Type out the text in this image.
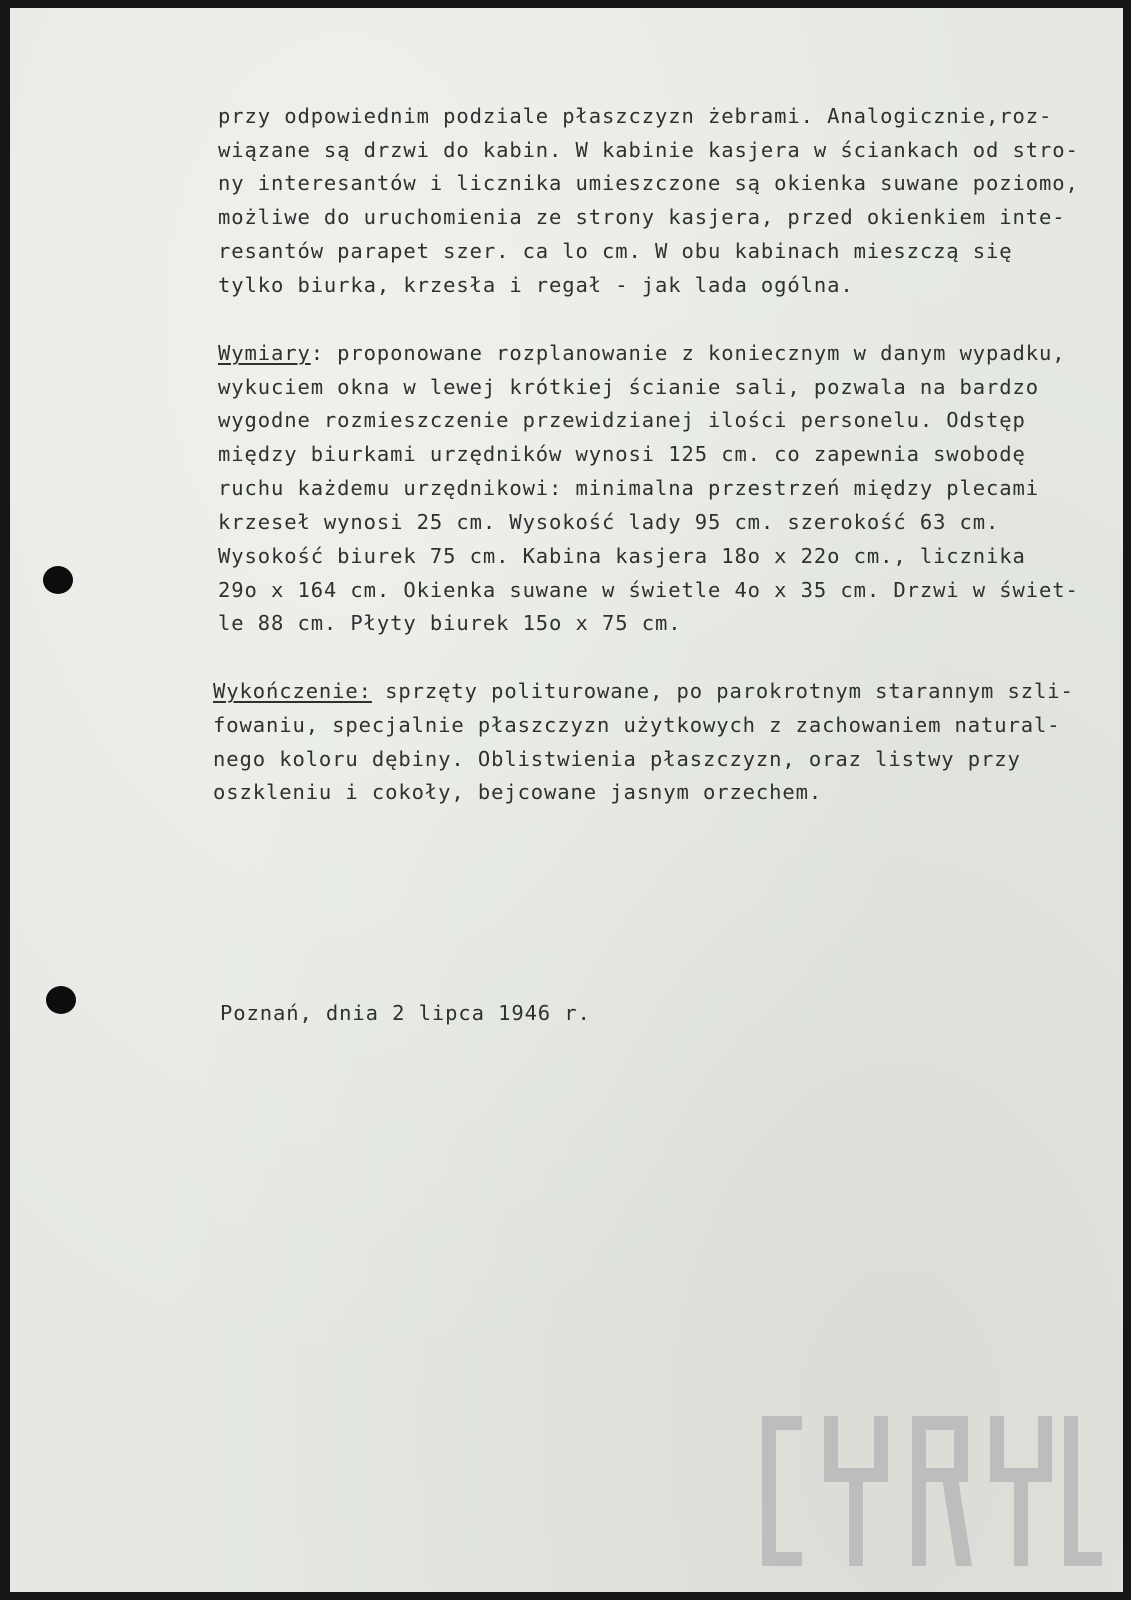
przy odpowiednim podziale płaszczyzn żebrami. Analogicznie,roz-

wiązane są drzwi do kabin. W kabinie kasjera w ściankach od stro-

ny interesantów i licznika umieszczone są okienka suwane poziomo,

możliwe do uruchomienia ze strony kasjera, przed okienkiem inte-

resantów parapet szer. ca lo cm. W obu kabinach mieszczą się

tylko biurka, krzesła i regał - jak lada ogólna.

Wymiary: proponowane rozplanowanie z koniecznym w danym wypadku,

wykuciem okna w lewej krótkiej ścianie sali, pozwala na bardzo

wygodne rozmieszczenie przewidzianej ilości personelu. Odstęp

między biurkami urzędników wynosi 125 cm. co zapewnia swobodę

ruchu każdemu urzędnikowi: minimalna przestrzeń między plecami

krzeseł wynosi 25 cm. Wysokość lady 95 cm. szerokość 63 cm.

Wysokość biurek 75 cm. Kabina kasjera 18o x 22o cm., licznika

29o x 164 cm. Okienka suwane w świetle 4o x 35 cm. Drzwi w świet-

le 88 cm. Płyty biurek 15o x 75 cm.

Wykończenie: sprzęty politurowane, po parokrotnym starannym szli-

fowaniu, specjalnie płaszczyzn użytkowych z zachowaniem natural-

nego koloru dębiny. Oblistwienia płaszczyzn, oraz listwy przy

oszkleniu i cokoły, bejcowane jasnym orzechem.

Poznań, dnia 2 lipca 1946 r.
